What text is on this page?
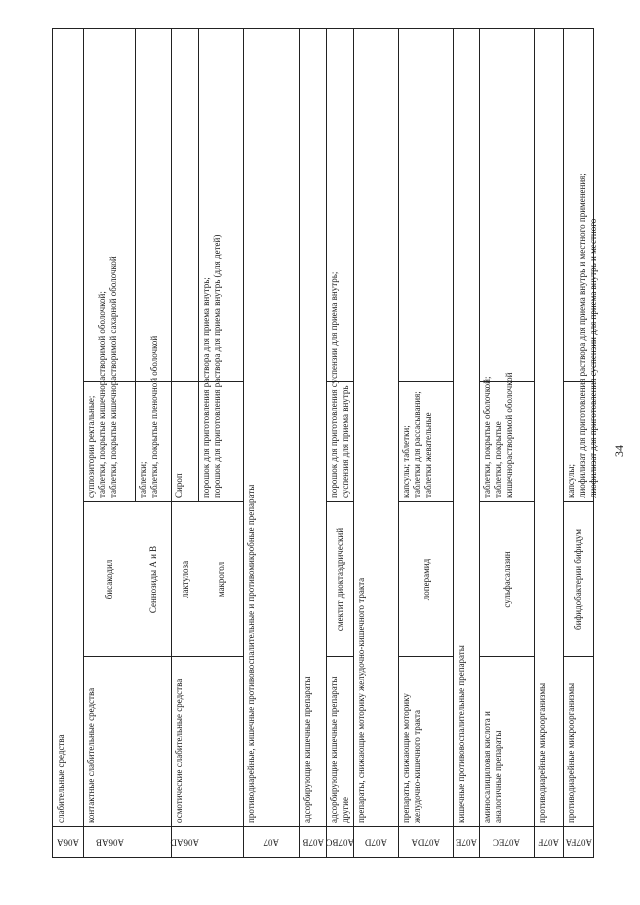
A06A
слабительные средства
A06AB
контактные слабительные средства
бисакодил
суппозитории ректальные;
таблетки, покрытые кишечнорастворимой оболочкой;
таблетки, покрытые кишечнорастворимой сахарной оболочкой
Сеннозиды А и В
таблетки;
таблетки, покрытые пленочной оболочкой
A06AD
осмотические слабительные средства
лактулоза
Сироп
макрогол
порошок для приготовления раствора для приема внутрь;
порошок для приготовления раствора для приема внутрь (для детей)
A07
противодиарейные, кишечные противовоспалительные и противомикробные препараты
A07B
адсорбирующие кишечные препараты
A07BC
адсорбирующие кишечные препараты другие
смектит диоктаэдрический
порошок для приготовления суспензии для приема внутрь;
суспензия для приема внутрь
A07D
препараты, снижающие моторику желудочно-кишечного тракта
A07DA
препараты, снижающие моторику желудочно-кишечного тракта
лоперамид
капсулы; таблетки;
таблетки для рассасывания;
таблетки жевательные
A07E
кишечные противовоспалительные препараты
A07EC
аминосалициловая кислота и аналогичные препараты
сульфасалазин
таблетки, покрытые оболочкой;
таблетки, покрытые
кишечнорастворимой оболочкой
A07F
противодиарейные микроорганизмы
A07FA
противодиарейные микроорганизмы
бифидобактерии бифидум
капсулы;
лиофилизат для приготовления раствора для приема внутрь и местного применения;
лиофилизат для приготовления суспензии для приема внутрь и местного
34
